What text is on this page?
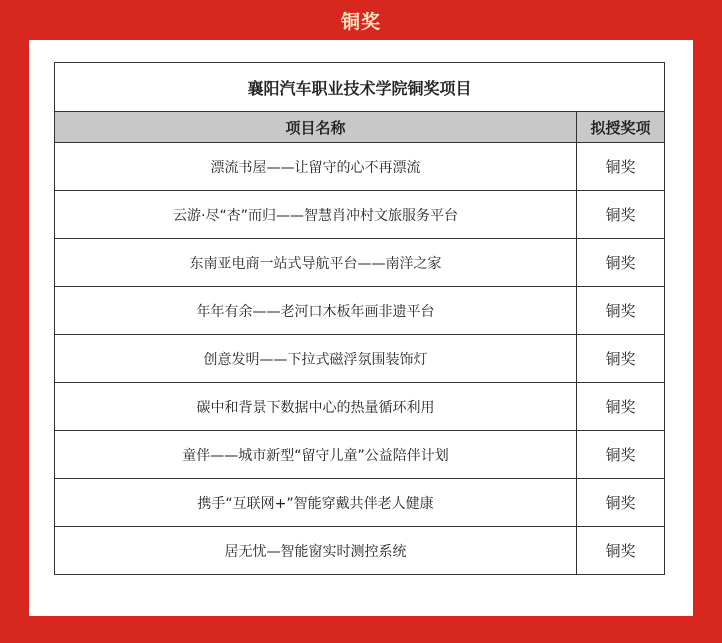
铜奖
襄阳汽车职业技术学院铜奖项目	
项目名称	拟授奖项
漂流书屋——让留守的心不再漂流	铜奖
云游·尽“杏”而归——智慧肖冲村文旅服务平台	铜奖
东南亚电商一站式导航平台——南洋之家	铜奖
年年有余——老河口木板年画非遗平台	铜奖
创意发明——下拉式磁浮氛围装饰灯	铜奖
碳中和背景下数据中心的热量循环利用	铜奖
童伴——城市新型“留守儿童”公益陪伴计划	铜奖
携手“互联网+”智能穿戴共伴老人健康	铜奖
居无忧—智能窗实时测控系统	铜奖
